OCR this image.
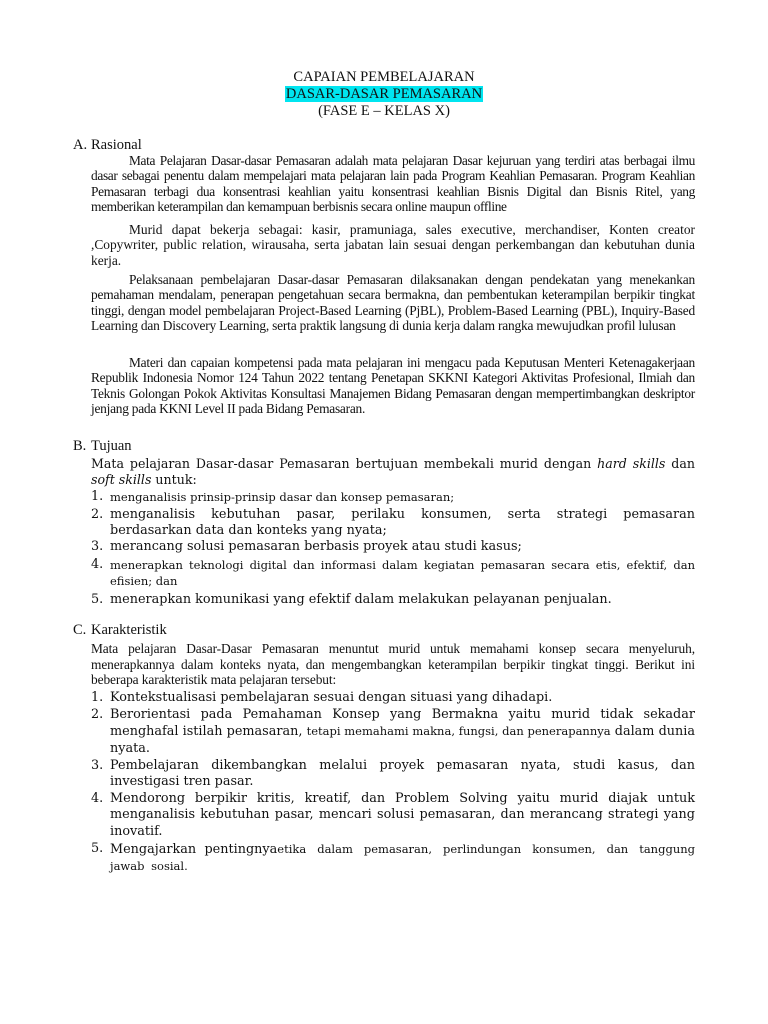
CAPAIAN PEMBELAJARAN
DASAR-DASAR PEMASARAN
(FASE E – KELAS X)
A. Rasional
Mata Pelajaran Dasar-dasar Pemasaran adalah mata pelajaran Dasar kejuruan yang terdiri atas berbagai ilmu dasar sebagai penentu dalam mempelajari mata pelajaran lain pada Program Keahlian Pemasaran. Program Keahlian Pemasaran terbagi dua konsentrasi keahlian yaitu konsentrasi keahlian Bisnis Digital dan Bisnis Ritel, yang memberikan keterampilan dan kemampuan berbisnis secara online maupun offline
Murid dapat bekerja sebagai: kasir, pramuniaga, sales executive, merchandiser, Konten creator ,Copywriter, public relation, wirausaha, serta jabatan lain sesuai dengan perkembangan dan kebutuhan dunia kerja.
Pelaksanaan pembelajaran Dasar-dasar Pemasaran dilaksanakan dengan pendekatan yang menekankan pemahaman mendalam, penerapan pengetahuan secara bermakna, dan pembentukan keterampilan berpikir tingkat tinggi, dengan model pembelajaran Project-Based Learning (PjBL), Problem-Based Learning (PBL), Inquiry-Based Learning dan Discovery Learning, serta praktik langsung di dunia kerja dalam rangka mewujudkan profil lulusan
Materi dan capaian kompetensi pada mata pelajaran ini mengacu pada Keputusan Menteri Ketenagakerjaan Republik Indonesia Nomor 124 Tahun 2022 tentang Penetapan SKKNI Kategori Aktivitas Profesional, Ilmiah dan Teknis Golongan Pokok Aktivitas Konsultasi Manajemen Bidang Pemasaran dengan mempertimbangkan deskriptor jenjang pada KKNI Level II pada Bidang Pemasaran.
B. Tujuan
Mata pelajaran Dasar-dasar Pemasaran bertujuan membekali murid dengan hard skills dan soft skills untuk:
1. menganalisis prinsip-prinsip dasar dan konsep pemasaran;
2. menganalisis kebutuhan pasar, perilaku konsumen, serta strategi pemasaran berdasarkan data dan konteks yang nyata;
3. merancang solusi pemasaran berbasis proyek atau studi kasus;
4. menerapkan teknologi digital dan informasi dalam kegiatan pemasaran secara etis, efektif, dan efisien; dan
5. menerapkan komunikasi yang efektif dalam melakukan pelayanan penjualan.
C. Karakteristik
Mata pelajaran Dasar-Dasar Pemasaran menuntut murid untuk memahami konsep secara menyeluruh, menerapkannya dalam konteks nyata, dan mengembangkan keterampilan berpikir tingkat tinggi. Berikut ini beberapa karakteristik mata pelajaran tersebut:
1. Kontekstualisasi pembelajaran sesuai dengan situasi yang dihadapi.
2. Berorientasi pada Pemahaman Konsep yang Bermakna yaitu murid tidak sekadar menghafal istilah pemasaran, tetapi memahami makna, fungsi, dan penerapannya dalam dunia nyata.
3. Pembelajaran dikembangkan melalui proyek pemasaran nyata, studi kasus, dan investigasi tren pasar.
4. Mendorong berpikir kritis, kreatif, dan Problem Solving yaitu murid diajak untuk menganalisis kebutuhan pasar, mencari solusi pemasaran, dan merancang strategi yang inovatif.
5. Mengajarkan pentingnyaetika dalam pemasaran, perlindungan konsumen, dan tanggung jawab sosial.
